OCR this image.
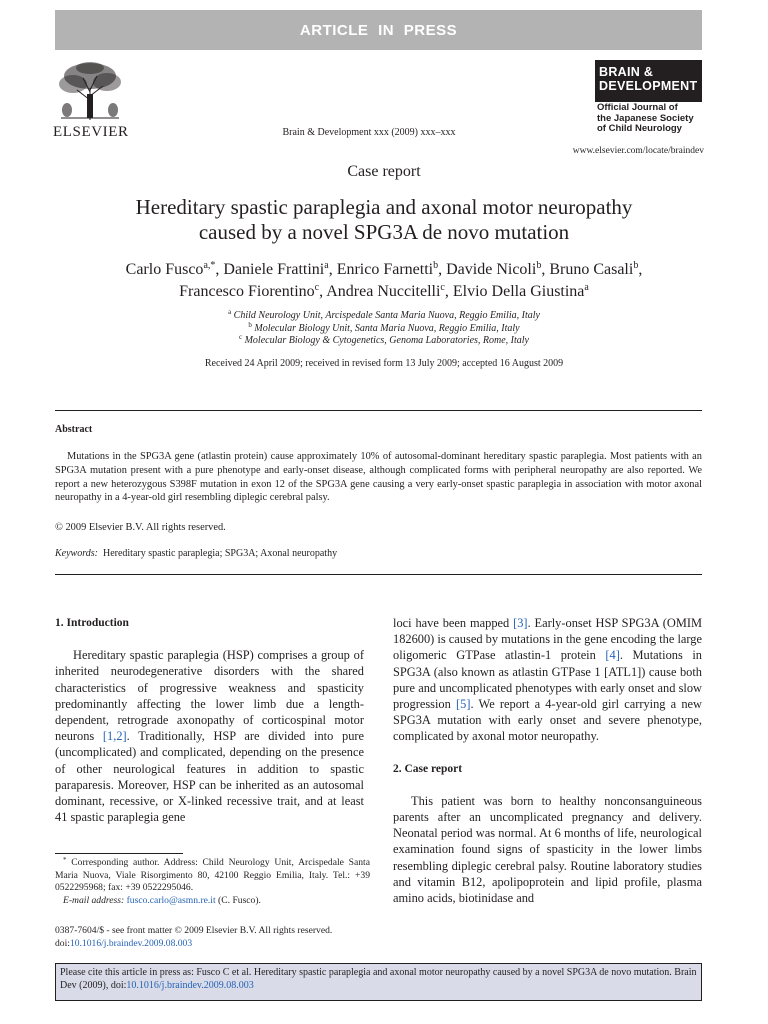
ARTICLE IN PRESS
ELSEVIER	Brain & Development xxx (2009) xxx–xxx
BRAIN &
DEVELOPMENT
Official Journal of
the Japanese Society
of Child Neurology
www.elsevier.com/locate/braindev
Case report
Hereditary spastic paraplegia and axonal motor neuropathy
caused by a novel SPG3A de novo mutation
Carlo Fusco$^{a,*}$, Daniele Frattini$^a$, Enrico Farnetti$^b$, Davide Nicoli$^b$, Bruno Casali$^b$,
Francesco Fiorentino$^c$, Andrea Nuccitelli$^c$, Elvio Della Giustina$^a$
$^a$ Child Neurology Unit, Arcispedale Santa Maria Nuova, Reggio Emilia, Italy
$^b$ Molecular Biology Unit, Santa Maria Nuova, Reggio Emilia, Italy
$^c$ Molecular Biology & Cytogenetics, Genoma Laboratories, Rome, Italy
Received 24 April 2009; received in revised form 13 July 2009; accepted 16 August 2009
Abstract
Mutations in the SPG3A gene (atlastin protein) cause approximately 10% of autosomal-dominant hereditary spastic paraplegia. Most patients with an SPG3A mutation present with a pure phenotype and early-onset disease, although complicated forms with peripheral neuropathy are also reported. We report a new heterozygous S398F mutation in exon 12 of the SPG3A gene causing a very early-onset spastic paraplegia in association with motor axonal neuropathy in a 4-year-old girl resembling diplegic cerebral palsy.
© 2009 Elsevier B.V. All rights reserved.
Keywords: Hereditary spastic paraplegia; SPG3A; Axonal neuropathy
1. Introduction
Hereditary spastic paraplegia (HSP) comprises a group of inherited neurodegenerative disorders with the shared characteristics of progressive weakness and spasticity predominantly affecting the lower limb due a length-dependent, retrograde axonopathy of corticospinal motor neurons [1,2]. Traditionally, HSP are divided into pure (uncomplicated) and complicated, depending on the presence of other neurological features in addition to spastic paraparesis. Moreover, HSP can be inherited as an autosomal dominant, recessive, or X-linked recessive trait, and at least 41 spastic paraplegia gene
loci have been mapped [3]. Early-onset HSP SPG3A (OMIM 182600) is caused by mutations in the gene encoding the large oligomeric GTPase atlastin-1 protein [4]. Mutations in SPG3A (also known as atlastin GTPase 1 [ATL1]) cause both pure and uncomplicated phenotypes with early onset and slow progression [5]. We report a 4-year-old girl carrying a new SPG3A mutation with early onset and severe phenotype, complicated by axonal motor neuropathy.
2. Case report
This patient was born to healthy nonconsanguineous parents after an uncomplicated pregnancy and delivery. Neonatal period was normal. At 6 months of life, neurological examination found signs of spasticity in the lower limbs resembling diplegic cerebral palsy. Routine laboratory studies and vitamin B12, apolipoprotein and lipid profile, plasma amino acids, biotinidase and
* Corresponding author. Address: Child Neurology Unit, Arcispedale Santa Maria Nuova, Viale Risorgimento 80, 42100 Reggio Emilia, Italy. Tel.: +39 0522295968; fax: +39 0522295046.
E-mail address: fusco.carlo@asmn.re.it (C. Fusco).
0387-7604/$ - see front matter © 2009 Elsevier B.V. All rights reserved.
doi:10.1016/j.braindev.2009.08.003
Please cite this article in press as: Fusco C et al. Hereditary spastic paraplegia and axonal motor neuropathy caused by a novel SPG3A de novo mutation. Brain Dev (2009), doi:10.1016/j.braindev.2009.08.003
